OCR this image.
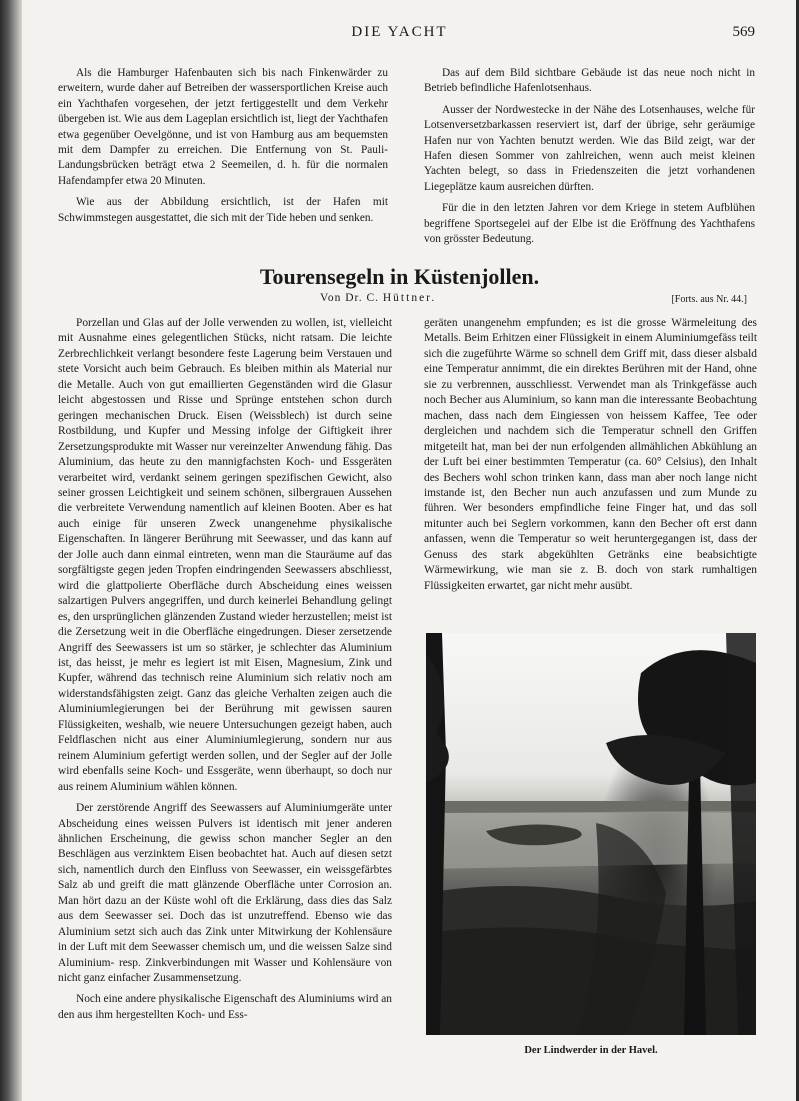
DIE YACHT	569

Als die Hamburger Hafenbauten sich bis nach Finkenwärder zu erweitern, wurde daher auf Betreiben der wassersportlichen Kreise auch ein Yachthafen vorgesehen, der jetzt fertiggestellt und dem Verkehr übergeben ist. Wie aus dem Lageplan ersichtlich ist, liegt der Yachthafen etwa gegenüber Oevelgönne, und ist von Hamburg aus am bequemsten mit dem Dampfer zu erreichen. Die Entfernung von St. Pauli-Landungsbrücken beträgt etwa 2 Seemeilen, d. h. für die normalen Hafendampfer etwa 20 Minuten.

Wie aus der Abbildung ersichtlich, ist der Hafen mit Schwimmstegen ausgestattet, die sich mit der Tide heben und senken.

Das auf dem Bild sichtbare Gebäude ist das neue noch nicht in Betrieb befindliche Hafenlotsenhaus.

Ausser der Nordwestecke in der Nähe des Lotsenhauses, welche für Lotsenversetzbarkassen reserviert ist, darf der übrige, sehr geräumige Hafen nur von Yachten benutzt werden. Wie das Bild zeigt, war der Hafen diesen Sommer von zahlreichen, wenn auch meist kleinen Yachten belegt, so dass in Friedenszeiten die jetzt vorhandenen Liegeplätze kaum ausreichen dürften.

Für die in den letzten Jahren vor dem Kriege in stetem Aufblühen begriffene Sportsegelei auf der Elbe ist die Eröffnung des Yachthafens von grösster Bedeutung.

Tourensegeln in Küstenjollen.
Von Dr. C. Hüttner.	[Forts. aus Nr. 44.]

Porzellan und Glas auf der Jolle verwenden zu wollen, ist, vielleicht mit Ausnahme eines gelegentlichen Stücks, nicht ratsam. Die leichte Zerbrechlichkeit verlangt besondere feste Lagerung beim Verstauen und stete Vorsicht auch beim Gebrauch. Es bleiben mithin als Material nur die Metalle. Auch von gut emaillierten Gegenständen wird die Glasur leicht abgestossen und Risse und Sprünge entstehen schon durch geringen mechanischen Druck. Eisen (Weissblech) ist durch seine Rostbildung, und Kupfer und Messing infolge der Giftigkeit ihrer Zersetzungsprodukte mit Wasser nur vereinzelter Anwendung fähig. Das Aluminium, das heute zu den mannigfachsten Koch- und Essgeräten verarbeitet wird, verdankt seinem geringen spezifischen Gewicht, also seiner grossen Leichtigkeit und seinem schönen, silbergrauen Aussehen die verbreitete Verwendung namentlich auf kleinen Booten. Aber es hat auch einige für unseren Zweck unangenehme physikalische Eigenschaften. In längerer Berührung mit Seewasser, und das kann auf der Jolle auch dann einmal eintreten, wenn man die Stauräume auf das sorgfältigste gegen jeden Tropfen eindringenden Seewassers abschliesst, wird die glattpolierte Oberfläche durch Abscheidung eines weissen salzartigen Pulvers angegriffen, und durch keinerlei Behandlung gelingt es, den ursprünglichen glänzenden Zustand wieder herzustellen; meist ist die Zersetzung weit in die Oberfläche eingedrungen. Dieser zersetzende Angriff des Seewassers ist um so stärker, je schlechter das Aluminium ist, das heisst, je mehr es legiert ist mit Eisen, Magnesium, Zink und Kupfer, während das technisch reine Aluminium sich relativ noch am widerstandsfähigsten zeigt. Ganz das gleiche Verhalten zeigen auch die Aluminiumlegierungen bei der Berührung mit gewissen sauren Flüssigkeiten, weshalb, wie neuere Untersuchungen gezeigt haben, auch Feldflaschen nicht aus einer Aluminiumlegierung, sondern nur aus reinem Aluminium gefertigt werden sollen, und der Segler auf der Jolle wird ebenfalls seine Koch- und Essgeräte, wenn überhaupt, so doch nur aus reinem Aluminium wählen können.

Der zerstörende Angriff des Seewassers auf Aluminiumgeräte unter Abscheidung eines weissen Pulvers ist identisch mit jener anderen ähnlichen Erscheinung, die gewiss schon mancher Segler an den Beschlägen aus verzinktem Eisen beobachtet hat. Auch auf diesen setzt sich, namentlich durch den Einfluss von Seewasser, ein weissgefärbtes Salz ab und greift die matt glänzende Oberfläche unter Corrosion an. Man hört dazu an der Küste wohl oft die Erklärung, dass dies das Salz aus dem Seewasser sei. Doch das ist unzutreffend. Ebenso wie das Aluminium setzt sich auch das Zink unter Mitwirkung der Kohlensäure in der Luft mit dem Seewasser chemisch um, und die weissen Salze sind Aluminium- resp. Zinkverbindungen mit Wasser und Kohlensäure von nicht ganz einfacher Zusammensetzung.

Noch eine andere physikalische Eigenschaft des Aluminiums wird an den aus ihm hergestellten Koch- und Ess-

geräten unangenehm empfunden; es ist die grosse Wärmeleitung des Metalls. Beim Erhitzen einer Flüssigkeit in einem Aluminiumgefäss teilt sich die zugeführte Wärme so schnell dem Griff mit, dass dieser alsbald eine Temperatur annimmt, die ein direktes Berühren mit der Hand, ohne sie zu verbrennen, ausschliesst. Verwendet man als Trinkgefässe auch noch Becher aus Aluminium, so kann man die interessante Beobachtung machen, dass nach dem Eingiessen von heissem Kaffee, Tee oder dergleichen und nachdem sich die Temperatur schnell den Griffen mitgeteilt hat, man bei der nun erfolgenden allmählichen Abkühlung an der Luft bei einer bestimmten Temperatur (ca. 60° Celsius), den Inhalt des Bechers wohl schon trinken kann, dass man aber noch lange nicht imstande ist, den Becher nun auch anzufassen und zum Munde zu führen. Wer besonders empfindliche feine Finger hat, und das soll mitunter auch bei Seglern vorkommen, kann den Becher oft erst dann anfassen, wenn die Temperatur so weit heruntergegangen ist, dass der Genuss des stark abgekühlten Getränks eine beabsichtigte Wärmewirkung, wie man sie z. B. doch von stark rumhaltigen Flüssigkeiten erwartet, gar nicht mehr ausübt.

Der Lindwerder in der Havel.
